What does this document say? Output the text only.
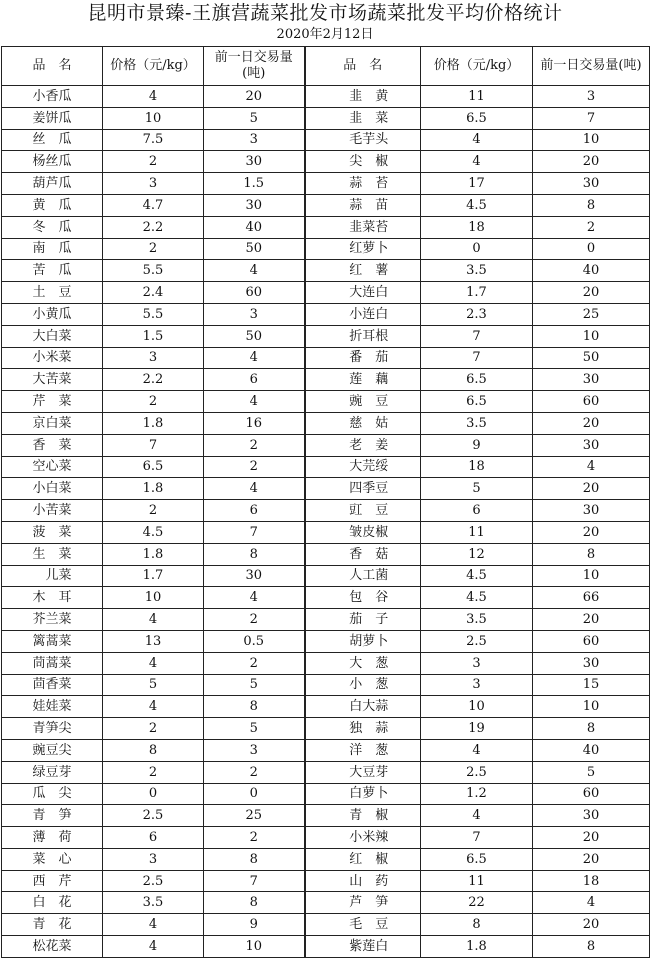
昆明市景臻-王旗营蔬菜批发市场蔬菜批发平均价格统计
2020年2月12日
品　名	价格（元/kg）	前一日交易量(吨)	品　名	价格（元/kg）	前一日交易量(吨)
小香瓜	4	20	韭　黄	11	3
姜饼瓜	10	5	韭　菜	6.5	7
丝　瓜	7.5	3	毛芋头	4	10
杨丝瓜	2	30	尖　椒	4	20
葫芦瓜	3	1.5	蒜　苔	17	30
黄　瓜	4.7	30	蒜　苗	4.5	8
冬　瓜	2.2	40	韭菜苔	18	2
南　瓜	2	50	红萝卜	0	0
苦　瓜	5.5	4	红　薯	3.5	40
土　豆	2.4	60	大连白	1.7	20
小黄瓜	5.5	3	小连白	2.3	25
大白菜	1.5	50	折耳根	7	10
小米菜	3	4	番　茄	7	50
大苦菜	2.2	6	莲　藕	6.5	30
芹　菜	2	4	豌　豆	6.5	60
京白菜	1.8	16	慈　姑	3.5	20
香　菜	7	2	老　姜	9	30
空心菜	6.5	2	大芫绥	18	4
小白菜	1.8	4	四季豆	5	20
小苦菜	2	6	豇　豆	6	30
菠　菜	4.5	7	皱皮椒	11	20
生　菜	1.8	8	香　菇	12	8
　儿菜	1.7	30	人工菌	4.5	10
木　耳	10	4	包　谷	4.5	66
芥兰菜	4	2	茄　子	3.5	20
篱蒿菜	13	0.5	胡萝卜	2.5	60
茼蒿菜	4	2	大　葱	3	30
茴香菜	5	5	小　葱	3	15
娃娃菜	4	8	白大蒜	10	10
青笋尖	2	5	独　蒜	19	8
豌豆尖	8	3	洋　葱	4	40
绿豆芽	2	2	大豆芽	2.5	5
瓜　尖	0	0	白萝卜	1.2	60
青　笋	2.5	25	青　椒	4	30
薄　荷	6	2	小米辣	7	20
菜　心	3	8	红　椒	6.5	20
西　芹	2.5	7	山　药	11	18
白　花	3.5	8	芦　笋	22	4
青　花	4	9	毛　豆	8	20
松花菜	4	10	紫莲白	1.8	8
